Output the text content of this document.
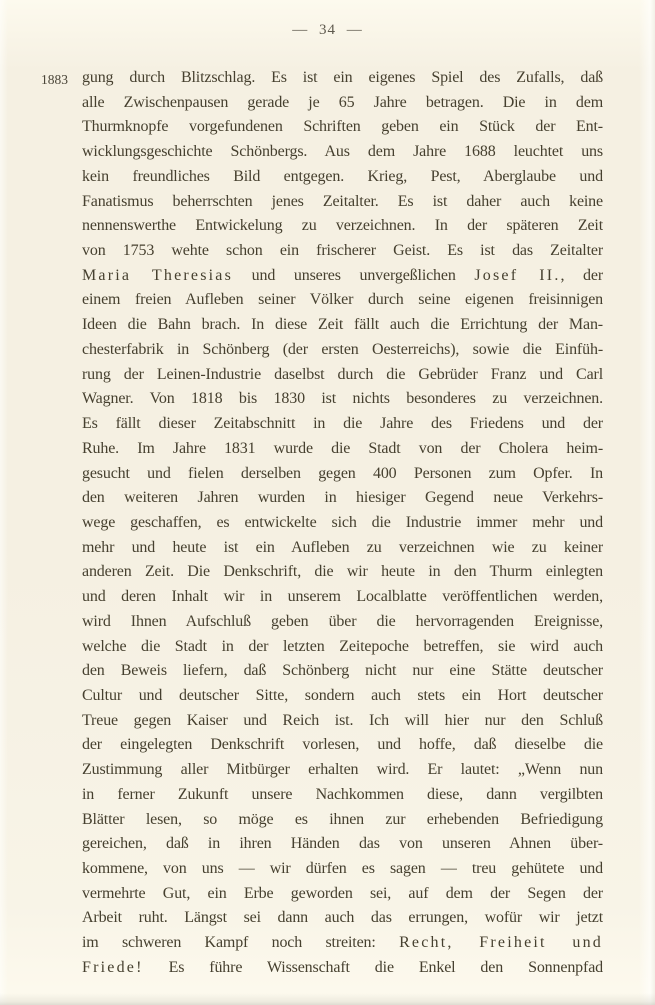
— 34 —
1883 gung durch Blitzschlag. Es ist ein eigenes Spiel des Zufalls, daß
alle Zwischenpausen gerade je 65 Jahre betragen. Die in dem
Thurmknopfe vorgefundenen Schriften geben ein Stück der Ent-
wicklungsgeschichte Schönbergs. Aus dem Jahre 1688 leuchtet uns
kein freundliches Bild entgegen. Krieg, Pest, Aberglaube und
Fanatismus beherrschten jenes Zeitalter. Es ist daher auch keine
nennenswerthe Entwickelung zu verzeichnen. In der späteren Zeit
von 1753 wehte schon ein frischerer Geist. Es ist das Zeitalter
Maria Theresias und unseres unvergeßlichen Josef II., der
einem freien Aufleben seiner Völker durch seine eigenen freisinnigen
Ideen die Bahn brach. In diese Zeit fällt auch die Errichtung der Man-
chesterfabrik in Schönberg (der ersten Oesterreichs), sowie die Einfüh-
rung der Leinen-Industrie daselbst durch die Gebrüder Franz und Carl
Wagner. Von 1818 bis 1830 ist nichts besonderes zu verzeichnen.
Es fällt dieser Zeitabschnitt in die Jahre des Friedens und der
Ruhe. Im Jahre 1831 wurde die Stadt von der Cholera heim-
gesucht und fielen derselben gegen 400 Personen zum Opfer. In
den weiteren Jahren wurden in hiesiger Gegend neue Verkehrs-
wege geschaffen, es entwickelte sich die Industrie immer mehr und
mehr und heute ist ein Aufleben zu verzeichnen wie zu keiner
anderen Zeit. Die Denkschrift, die wir heute in den Thurm einlegten
und deren Inhalt wir in unserem Localblatte veröffentlichen werden,
wird Ihnen Aufschluß geben über die hervorragenden Ereignisse,
welche die Stadt in der letzten Zeitepoche betreffen, sie wird auch
den Beweis liefern, daß Schönberg nicht nur eine Stätte deutscher
Cultur und deutscher Sitte, sondern auch stets ein Hort deutscher
Treue gegen Kaiser und Reich ist. Ich will hier nur den Schluß
der eingelegten Denkschrift vorlesen, und hoffe, daß dieselbe die
Zustimmung aller Mitbürger erhalten wird. Er lautet: „Wenn nun
in ferner Zukunft unsere Nachkommen diese, dann vergilbten
Blätter lesen, so möge es ihnen zur erhebenden Befriedigung
gereichen, daß in ihren Händen das von unseren Ahnen über-
kommene, von uns — wir dürfen es sagen — treu gehütete und
vermehrte Gut, ein Erbe geworden sei, auf dem der Segen der
Arbeit ruht. Längst sei dann auch das errungen, wofür wir jetzt
im schweren Kampf noch streiten: Recht, Freiheit und
Friede! Es führe Wissenschaft die Enkel den Sonnenpfad
